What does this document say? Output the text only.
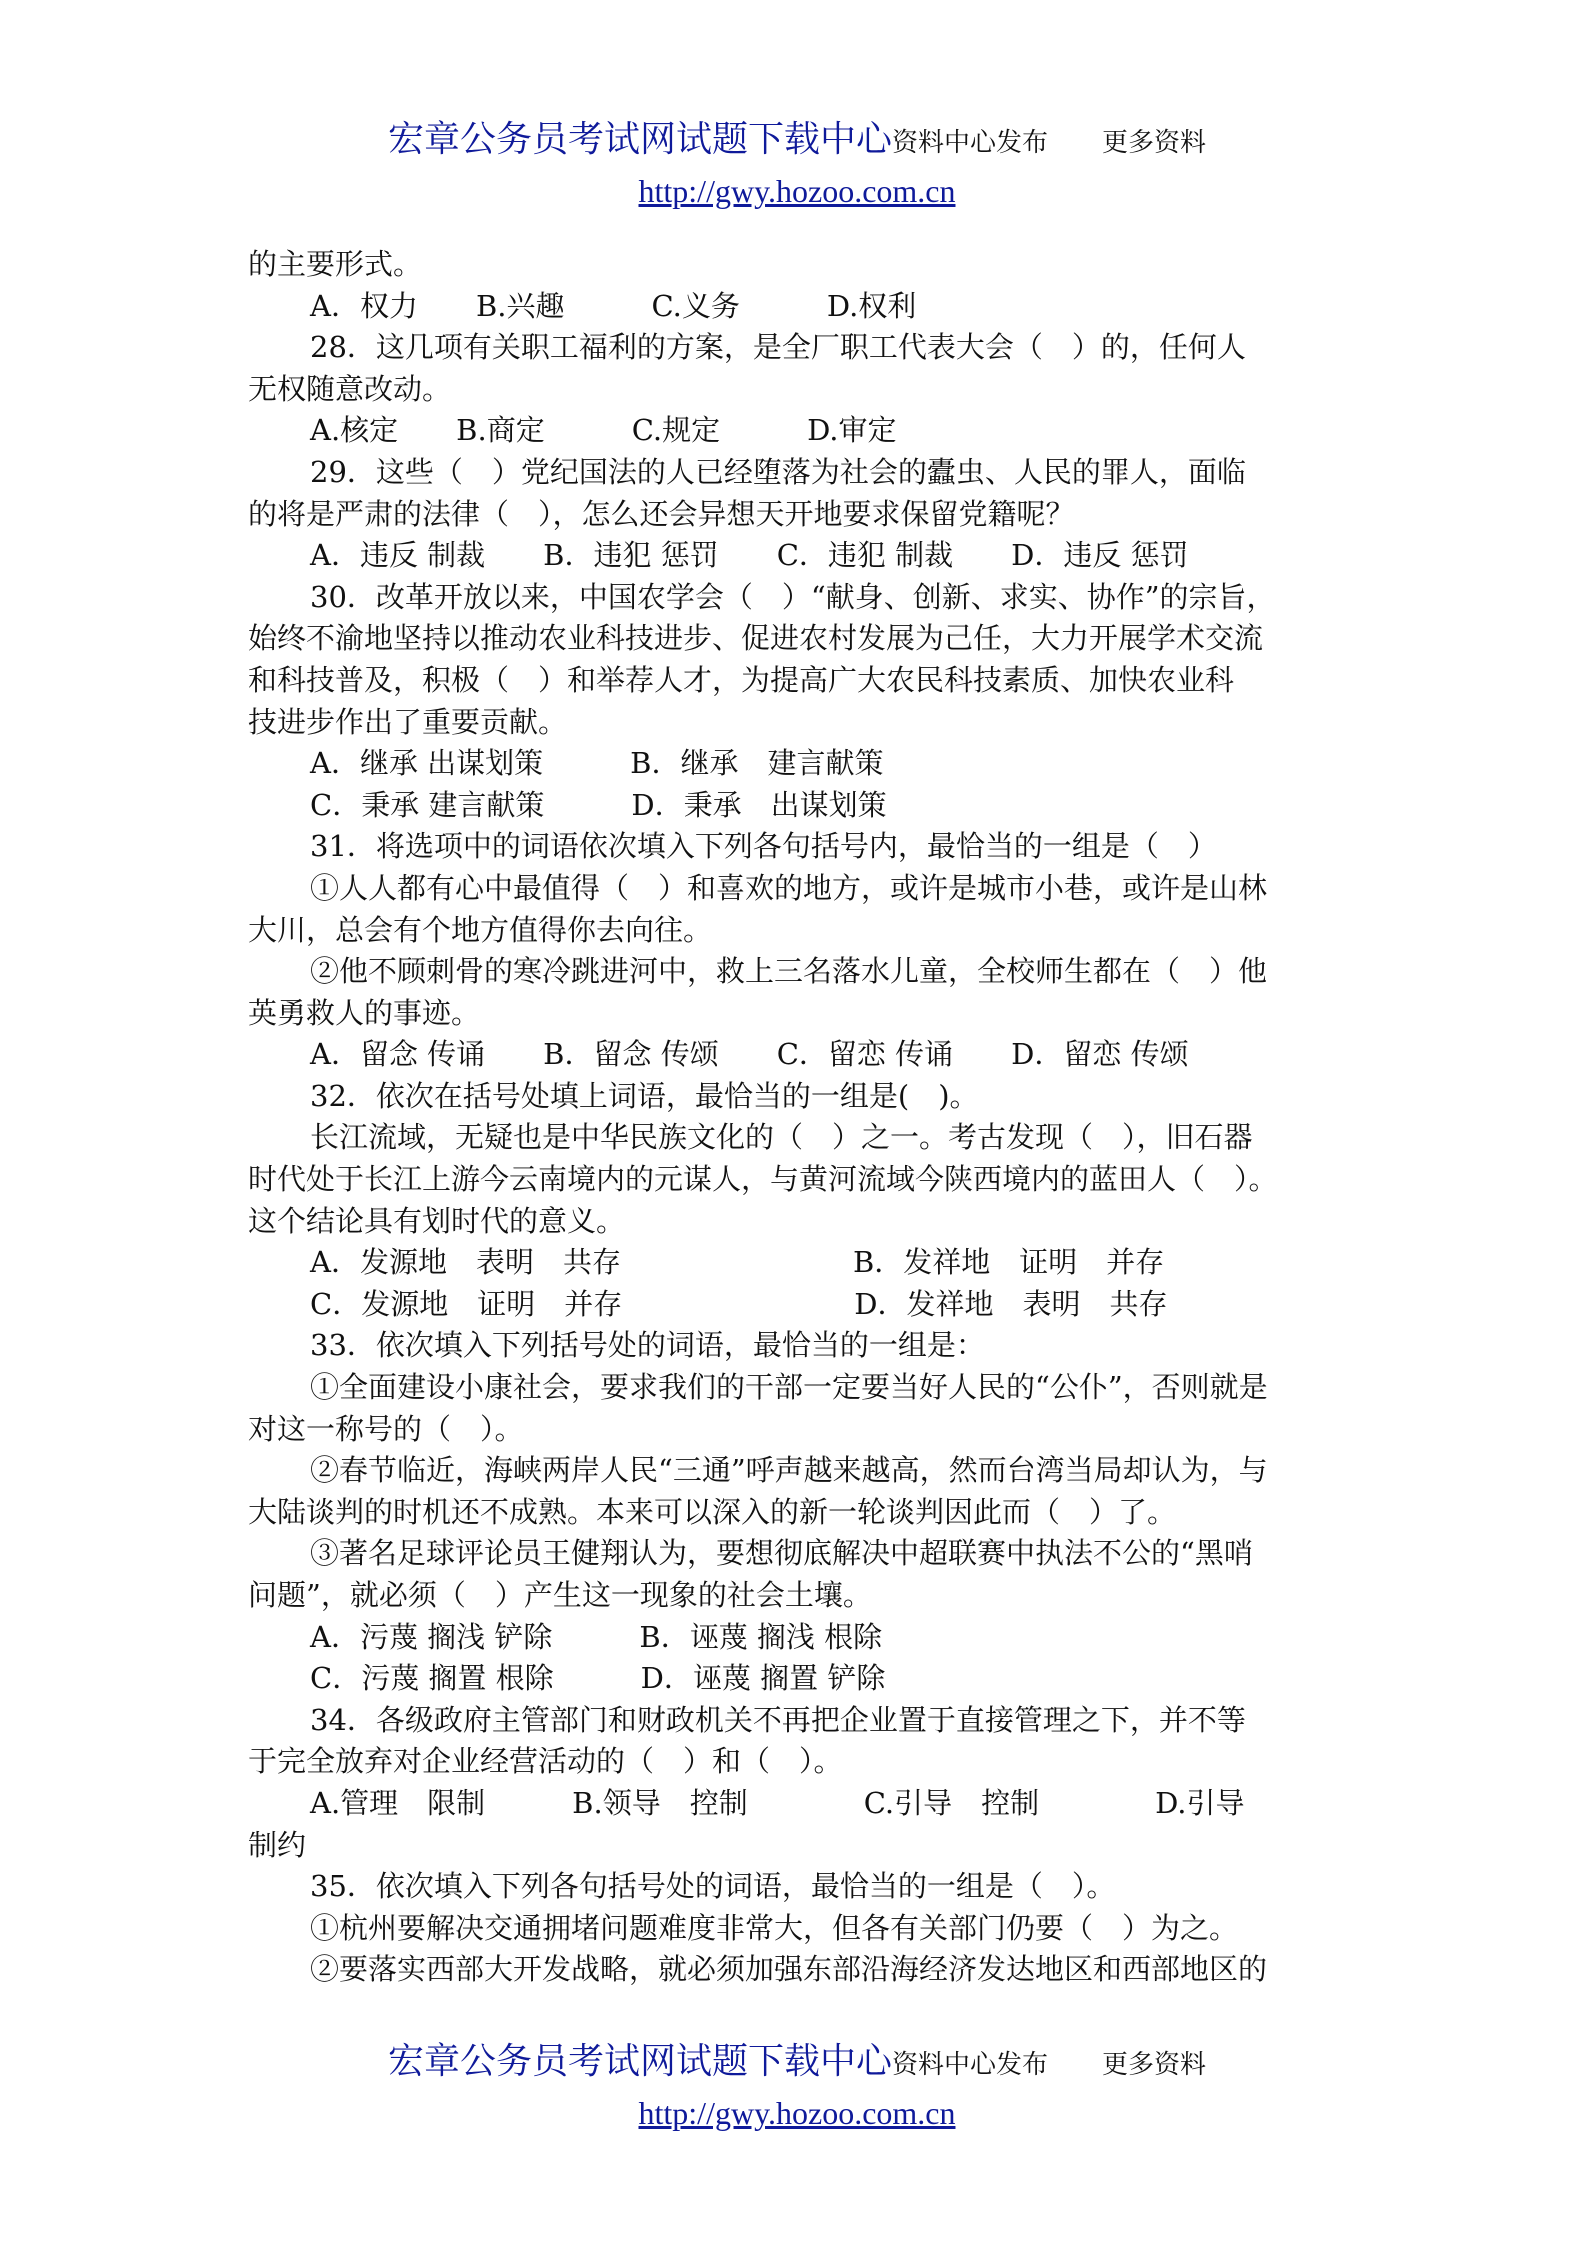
宏章公务员考试网试题下载中心资料中心发布 更多资料
http://gwy.hozoo.com.cn
的主要形式。
A．权力　　B.兴趣　　　C.义务　　　D.权利
28．这几项有关职工福利的方案，是全厂职工代表大会（　）的，任何人
无权随意改动。
A.核定　　B.商定　　　C.规定　　　D.审定
29．这些（　）党纪国法的人已经堕落为社会的蠹虫、人民的罪人，面临
的将是严肃的法律（　），怎么还会异想天开地要求保留党籍呢？
A．违反 制裁　　B．违犯 惩罚　　C．违犯 制裁　　D．违反 惩罚
30．改革开放以来，中国农学会（　）“献身、创新、求实、协作”的宗旨，
始终不渝地坚持以推动农业科技进步、促进农村发展为己任，大力开展学术交流
和科技普及，积极（　）和举荐人才，为提高广大农民科技素质、加快农业科
技进步作出了重要贡献。
A．继承 出谋划策　　　B．继承　建言献策
C．秉承 建言献策　　　D．秉承　出谋划策
31．将选项中的词语依次填入下列各句括号内，最恰当的一组是（　）
①人人都有心中最值得（　）和喜欢的地方，或许是城市小巷，或许是山林
大川，总会有个地方值得你去向往。
②他不顾刺骨的寒冷跳进河中，救上三名落水儿童，全校师生都在（　）他
英勇救人的事迹。
A．留念 传诵　　B．留念 传颂　　C．留恋 传诵　　D．留恋 传颂
32．依次在括号处填上词语，最恰当的一组是(　)。
长江流域，无疑也是中华民族文化的（　）之一。考古发现（　），旧石器
时代处于长江上游今云南境内的元谋人，与黄河流域今陕西境内的蓝田人（　）。
这个结论具有划时代的意义。
A．发源地　表明　共存　　　　　　　　B．发祥地　证明　并存
C．发源地　证明　并存　　　　　　　　D．发祥地　表明　共存
33．依次填入下列括号处的词语，最恰当的一组是：
①全面建设小康社会，要求我们的干部一定要当好人民的“公仆”，否则就是
对这一称号的（　）。
②春节临近，海峡两岸人民“三通”呼声越来越高，然而台湾当局却认为，与
大陆谈判的时机还不成熟。本来可以深入的新一轮谈判因此而（　）了。
③著名足球评论员王健翔认为，要想彻底解决中超联赛中执法不公的“黑哨
问题”，就必须（　）产生这一现象的社会土壤。
A．污蔑 搁浅 铲除　　　B．诬蔑 搁浅 根除
C．污蔑 搁置 根除　　　D．诬蔑 搁置 铲除
34．各级政府主管部门和财政机关不再把企业置于直接管理之下，并不等
于完全放弃对企业经营活动的（　）和（　）。
A.管理　限制　　　B.领导　控制　　　　C.引导　控制　　　　D.引导
制约
35．依次填入下列各句括号处的词语，最恰当的一组是（　）。
①杭州要解决交通拥堵问题难度非常大，但各有关部门仍要（　）为之。
②要落实西部大开发战略，就必须加强东部沿海经济发达地区和西部地区的
宏章公务员考试网试题下载中心资料中心发布 更多资料
http://gwy.hozoo.com.cn
